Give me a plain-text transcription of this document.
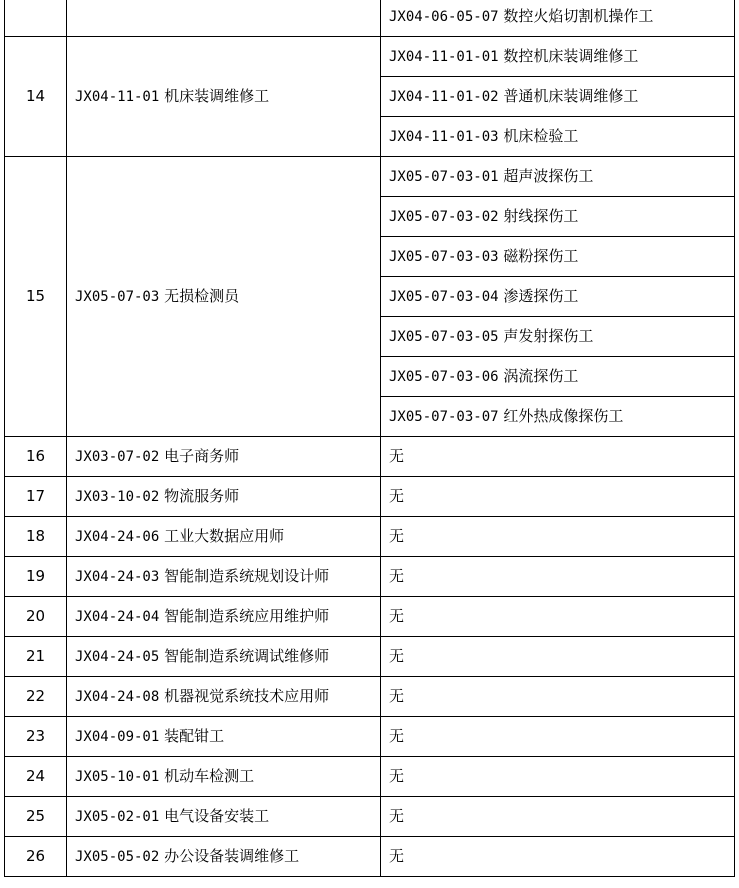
		JX04-06-05-07 数控火焰切割机操作工
14	JX04-11-01 机床装调维修工	JX04-11-01-01 数控机床装调维修工
		JX04-11-01-02 普通机床装调维修工
		JX04-11-01-03 机床检验工
15	JX05-07-03 无损检测员	JX05-07-03-01 超声波探伤工
		JX05-07-03-02 射线探伤工
		JX05-07-03-03 磁粉探伤工
		JX05-07-03-04 渗透探伤工
		JX05-07-03-05 声发射探伤工
		JX05-07-03-06 涡流探伤工
		JX05-07-03-07 红外热成像探伤工
16	JX03-07-02 电子商务师	无
17	JX03-10-02 物流服务师	无
18	JX04-24-06 工业大数据应用师	无
19	JX04-24-03 智能制造系统规划设计师	无
20	JX04-24-04 智能制造系统应用维护师	无
21	JX04-24-05 智能制造系统调试维修师	无
22	JX04-24-08 机器视觉系统技术应用师	无
23	JX04-09-01 装配钳工	无
24	JX05-10-01 机动车检测工	无
25	JX05-02-01 电气设备安装工	无
26	JX05-05-02 办公设备装调维修工	无
